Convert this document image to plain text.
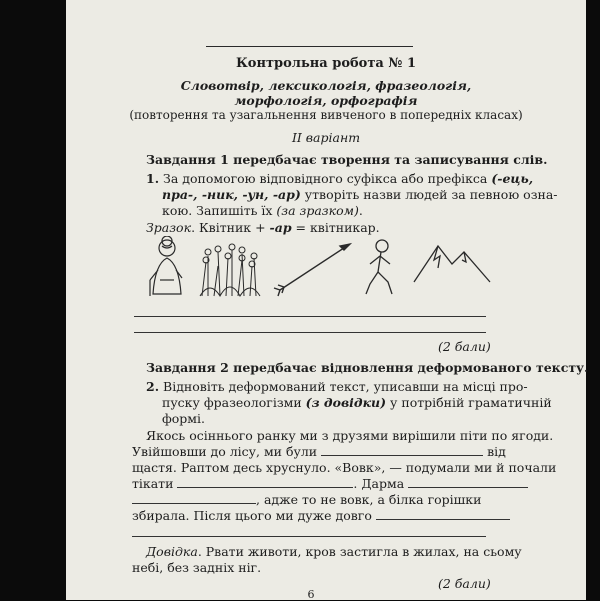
Контрольна робота № 1
Словотвір, лексикологія, фразеологія,
морфологія, орфографія
(повторення та узагальнення вивченого в попередніх класах)
ІІ варіант
Завдання 1 передбачає творення та записування слів.
1. За допомогою відповідного суфікса або префікса (-ець,
пра-, -ник, -ун, -ар) утворіть назви людей за певною озна-
кою. Запишіть їх (за зразком).
Зразок. Квітник + -ар = квітникар.
(2 бали)
Завдання 2 передбачає відновлення деформованого тексту.
2. Відновіть деформований текст, уписавши на місці про-
пуску фразеологізми (з довідки) у потрібній граматичній
формі.
Якось осіннього ранку ми з друзями вирішили піти по ягоди.
Увійшовши до лісу, ми були	від
щастя. Раптом десь хруснуло. «Вовк», — подумали ми й почали
тікати	. Дарма
, адже то не вовк, а білка горішки
збирала. Після цього ми дуже довго
Довідка. Рвати животи, кров застигла в жилах, на сьому
небі, без задніх ніг.
(2 бали)
6
